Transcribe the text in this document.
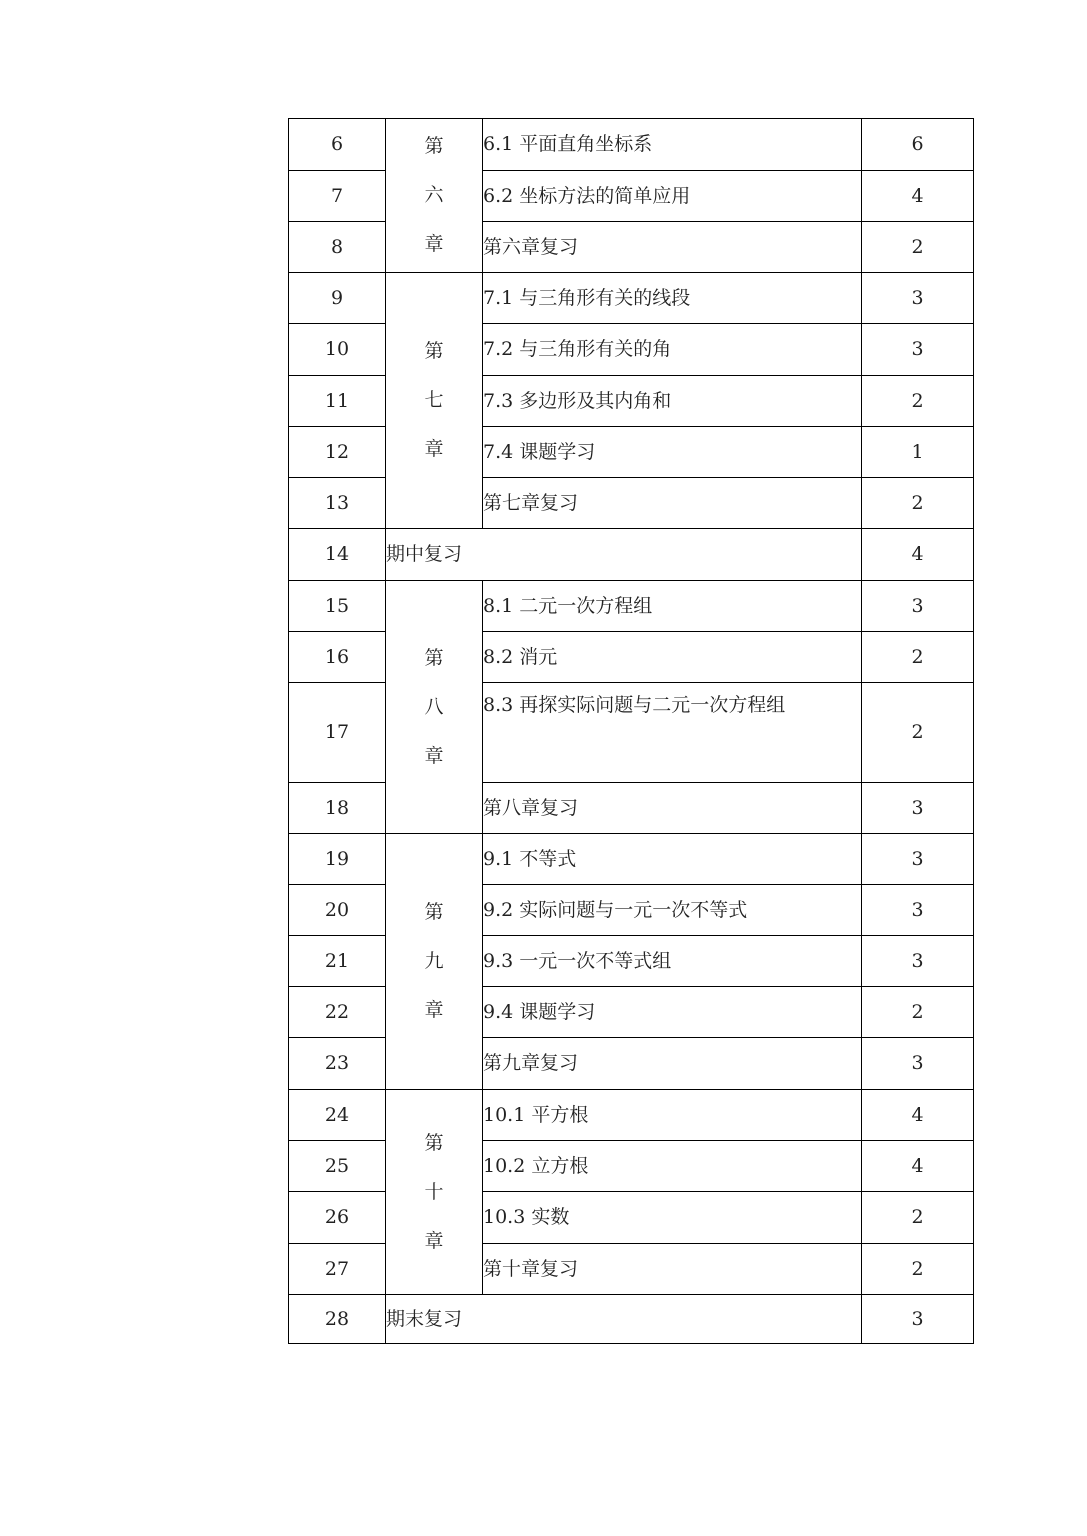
6	第
六
章	6.1 平面直角坐标系	6
7		6.2 坐标方法的简单应用	4
8		第六章复习	2
9	第
七
章	7.1 与三角形有关的线段	3
10		7.2 与三角形有关的角	3
11		7.3 多边形及其内角和	2
12		7.4 课题学习	1
13		第七章复习	2
14	期中复习		4
15	第
八
章	8.1 二元一次方程组	3
16		8.2 消元	2
17		8.3 再探实际问题与二元一次方程组	2
18		第八章复习	3
19	第
九
章	9.1 不等式	3
20		9.2 实际问题与一元一次不等式	3
21		9.3 一元一次不等式组	3
22		9.4 课题学习	2
23		第九章复习	3
24	第
十
章	10.1 平方根	4
25		10.2 立方根	4
26		10.3 实数	2
27		第十章复习	2
28	期末复习		3
